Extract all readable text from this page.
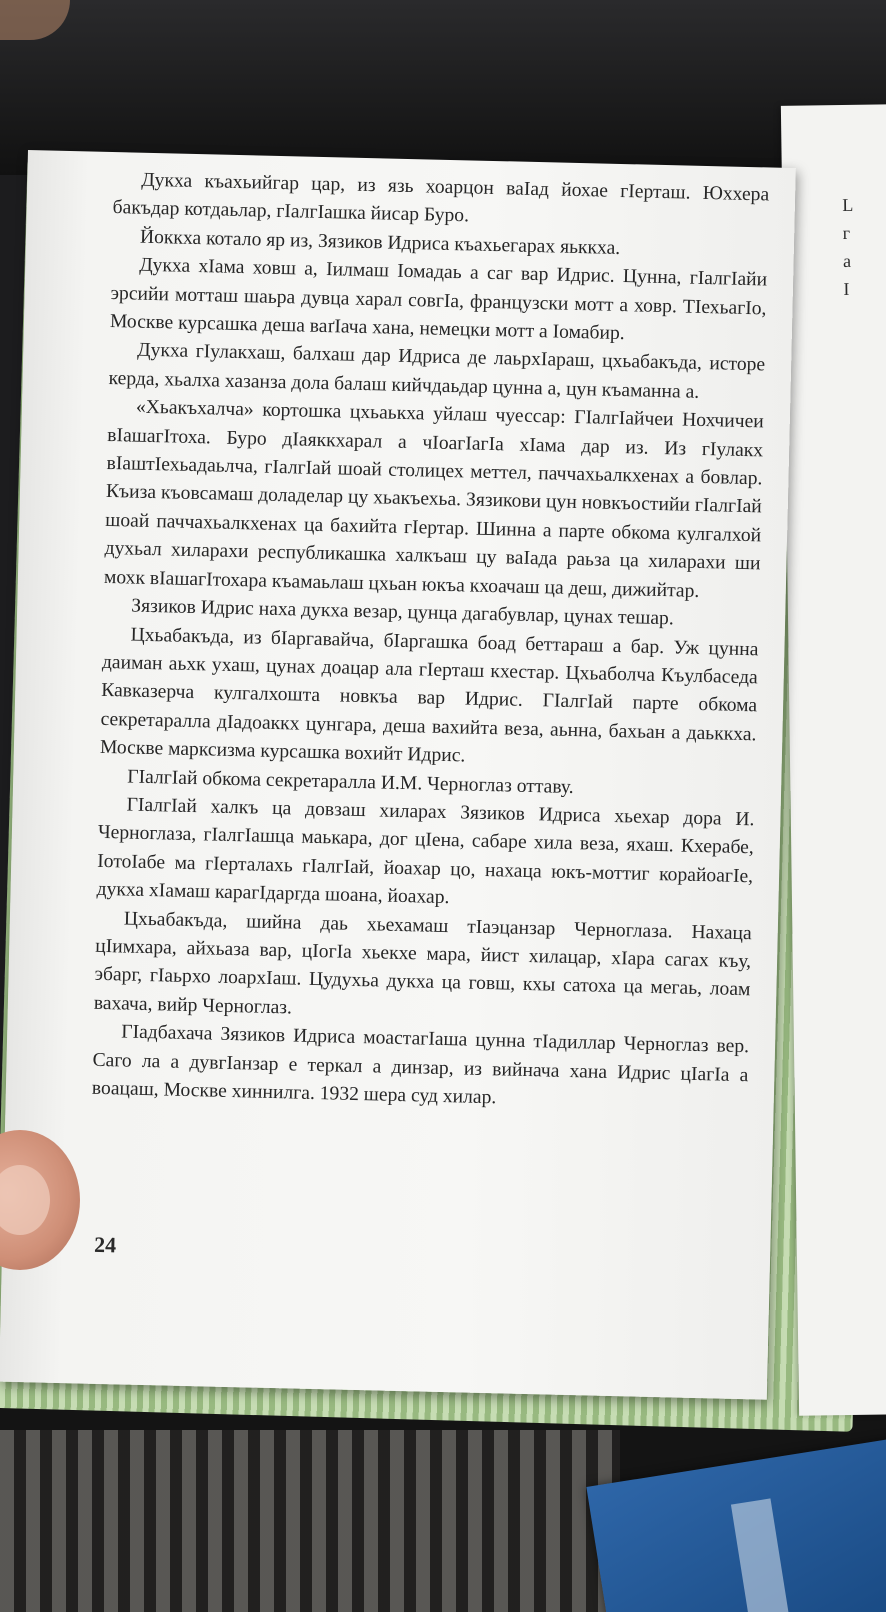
L
г
а
I

Дукха къахьийгар цар, из язь хоарцон ваІад йохае гІерташ. Юххера бакъдар котдаьлар, гІалгІашка йисар Буро.

Йоккха котало яр из, Зязиков Идриса къахьегарах яьккха.

Дукха хІама ховш а, Іилмаш Іомадаь а саг вар Идрис. Цунна, гІалгІайи эрсийи мотташ шаьра дувца харал совгІа, французски мотт а ховр. ТІехьагІо, Москве курсашка деша ваґІача хана, немецки мотт а Іомабир.

Дукха гІулакхаш, балхаш дар Идриса де лаьрхІараш, цхьабакъда, исторе керда, хьалха хазанза дола балаш кийчдаьдар цунна а, цун къаманна а.

«Хьакъхалча» кортошка цхьаькха уйлаш чуессар: ГІалгІайчеи Нохчичеи вІашагІтоха. Буро дІаяккхарал а чІоагІагІа хІама дар из. Из гІулакх вІаштІехьадаьлча, гІалгІай шоай столицех меттел, паччахьалкхенах а бовлар. Къиза къовсамаш доладелар цу хьакъехьа. Зязикови цун новкъостийи гІалгІай шоай паччахьалкхенах ца бахийта гІертар. Шинна а парте обкома кулгалхой духьал хиларахи республикашка халкъаш цу ваІада раьза ца хиларахи ши мохк вІашагІтохара къамаьлаш цхьан юкъа кхоачаш ца деш, дижийтар.

Зязиков Идрис наха дукха везар, цунца дагабувлар, цунах тешар.

Цхьабакъда, из бІаргавайча, бІаргашка боад беттараш а бар. Уж цунна даиман аьхк ухаш, цунах доацар ала гІерташ кхестар. Цхьаболча Къулбаседа Кавказерча кулгалхошта новкъа вар Идрис. ГІалгІай парте обкома секретаралла дІадоаккх цунгара, деша вахийта веза, аьнна, бахьан а даьккха. Москве марксизма курсашка вохийт Идрис.

ГІалгІай обкома секретаралла И.М. Черноглаз оттаву.

ГІалгІай халкъ ца довзаш хиларах Зязиков Идриса хьехар дора И. Черноглаза, гІалгІашца маькара, дог цІена, сабаре хила веза, яхаш. Кхерабе, ІотоІабе ма гІерталахь гІалгІай, йоахар цо, нахаца юкъ-моттиг корайоагІе, дукха хІамаш карагІдаргда шоана, йоахар.

Цхьабакъда, шийна даь хьехамаш тІаэцанзар Черноглаза. Нахаца цІимхара, айхьаза вар, цІогІа хьекхе мара, йист хилацар, хІара сагах къу, эбарг, гІаьрхо лоархІаш. Цудухьа дукха ца говш, кхы сатоха ца мегаь, лоам вахача, вийр Черноглаз.

ГІадбахача Зязиков Идриса моастагІаша цунна тІадиллар Черноглаз вер. Саго ла а дувгІанзар е теркал а динзар, из вийнача хана Идрис цІагІа а воацаш, Москве хиннилга. 1932 шера суд хилар.

24
